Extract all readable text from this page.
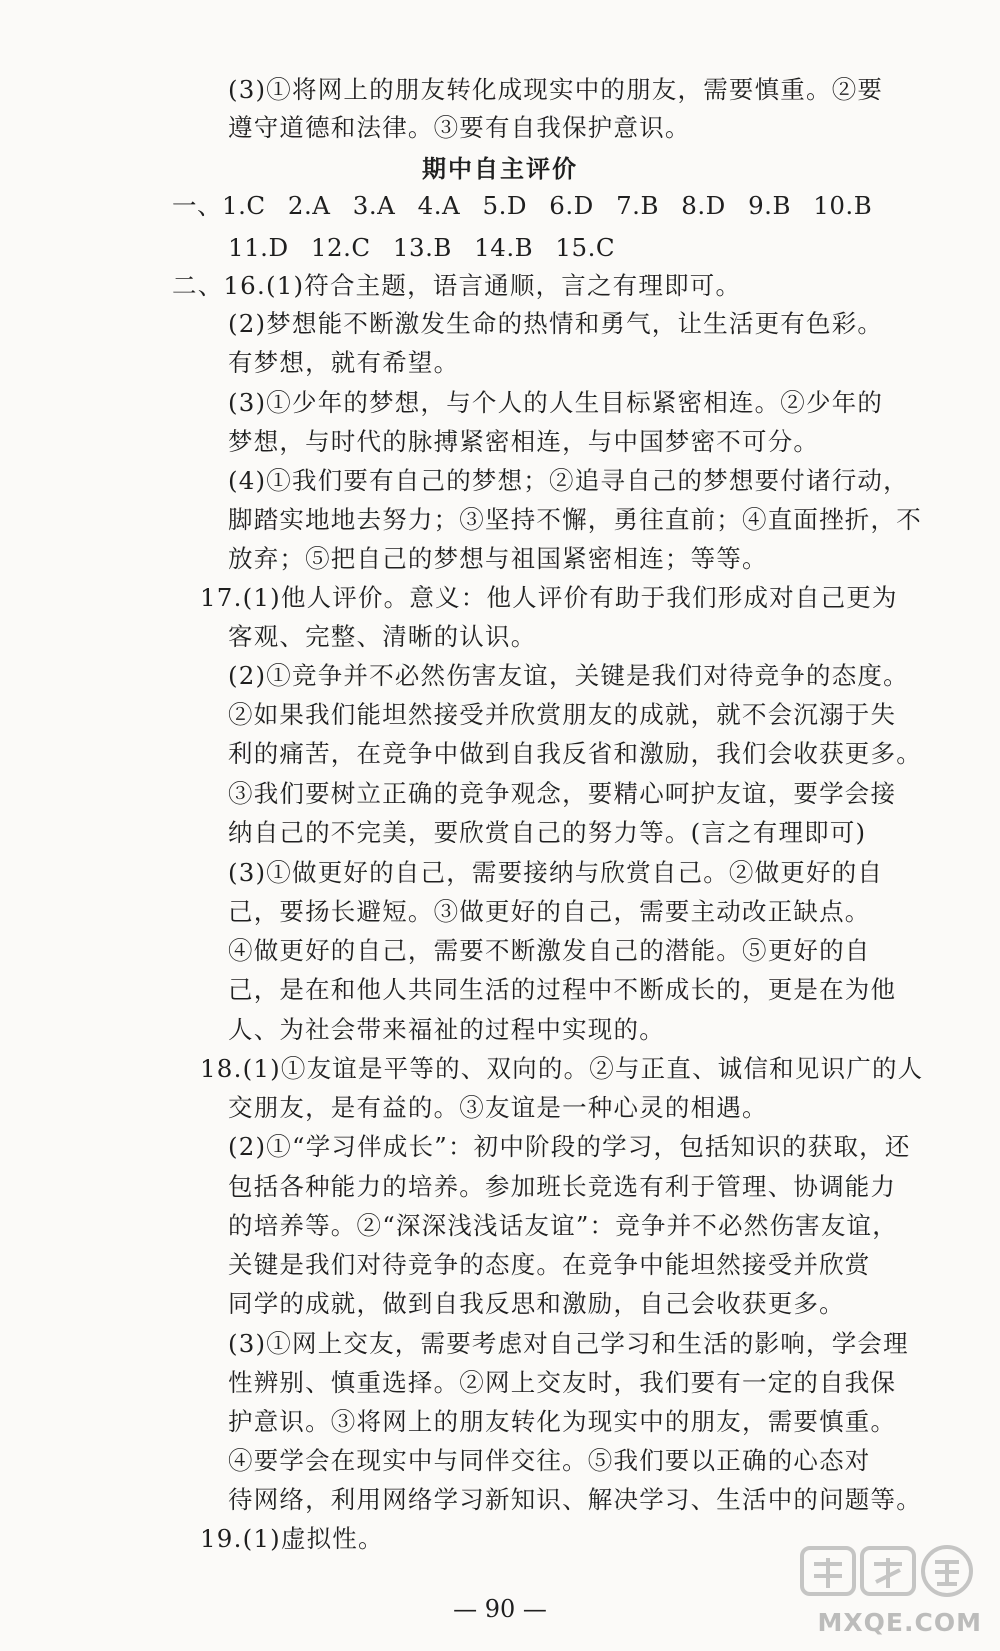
(3)①将网上的朋友转化成现实中的朋友，需要慎重。②要
遵守道德和法律。③要有自我保护意识。
期中自主评价
一、1.C 2.A 3.A 4.A 5.D 6.D 7.B 8.D 9.B 10.B
11.D 12.C 13.B 14.B 15.C
二、16.(1)符合主题，语言通顺，言之有理即可。
(2)梦想能不断激发生命的热情和勇气，让生活更有色彩。
有梦想，就有希望。
(3)①少年的梦想，与个人的人生目标紧密相连。②少年的
梦想，与时代的脉搏紧密相连，与中国梦密不可分。
(4)①我们要有自己的梦想；②追寻自己的梦想要付诸行动，
脚踏实地地去努力；③坚持不懈，勇往直前；④直面挫折，不
放弃；⑤把自己的梦想与祖国紧密相连；等等。
17.(1)他人评价。意义：他人评价有助于我们形成对自己更为
客观、完整、清晰的认识。
(2)①竞争并不必然伤害友谊，关键是我们对待竞争的态度。
②如果我们能坦然接受并欣赏朋友的成就，就不会沉溺于失
利的痛苦，在竞争中做到自我反省和激励，我们会收获更多。
③我们要树立正确的竞争观念，要精心呵护友谊，要学会接
纳自己的不完美，要欣赏自己的努力等。(言之有理即可)
(3)①做更好的自己，需要接纳与欣赏自己。②做更好的自
己，要扬长避短。③做更好的自己，需要主动改正缺点。
④做更好的自己，需要不断激发自己的潜能。⑤更好的自
己，是在和他人共同生活的过程中不断成长的，更是在为他
人、为社会带来福祉的过程中实现的。
18.(1)①友谊是平等的、双向的。②与正直、诚信和见识广的人
交朋友，是有益的。③友谊是一种心灵的相遇。
(2)①“学习伴成长”：初中阶段的学习，包括知识的获取，还
包括各种能力的培养。参加班长竞选有利于管理、协调能力
的培养等。②“深深浅浅话友谊”：竞争并不必然伤害友谊，
关键是我们对待竞争的态度。在竞争中能坦然接受并欣赏
同学的成就，做到自我反思和激励，自己会收获更多。
(3)①网上交友，需要考虑对自己学习和生活的影响，学会理
性辨别、慎重选择。②网上交友时，我们要有一定的自我保
护意识。③将网上的朋友转化为现实中的朋友，需要慎重。
④要学会在现实中与同伴交往。⑤我们要以正确的心态对
待网络，利用网络学习新知识、解决学习、生活中的问题等。
19.(1)虚拟性。
— 90 —	MXQE.COM
